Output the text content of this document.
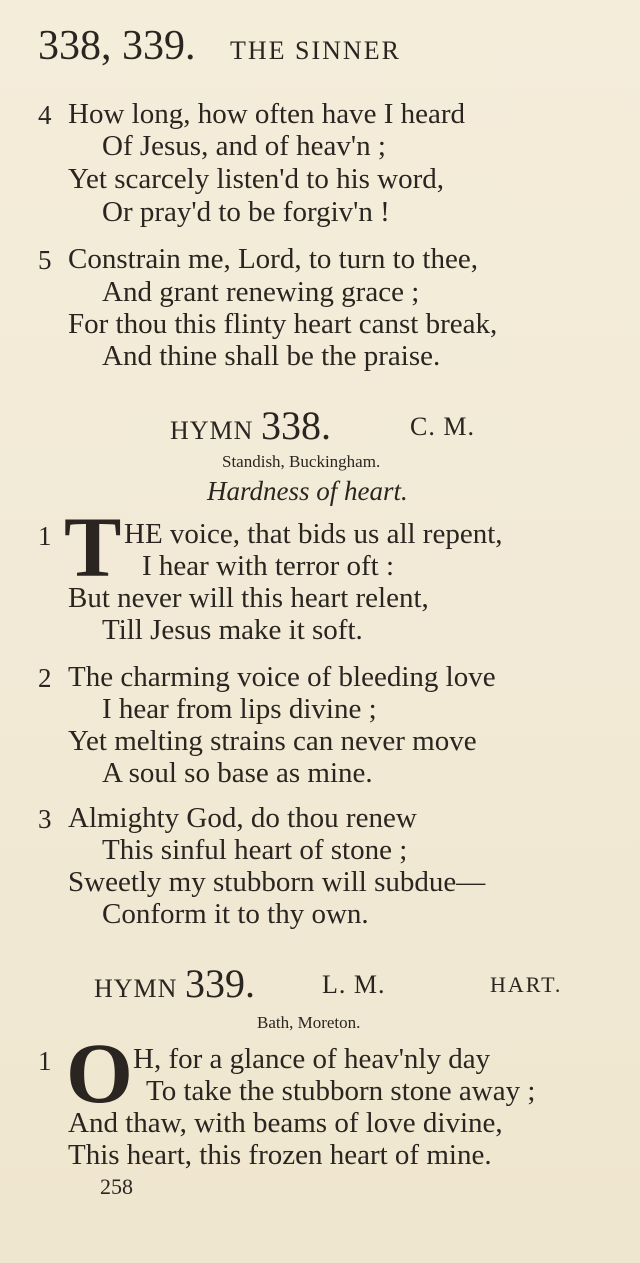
338, 339. THE SINNER
4 How long, how often have I heard
Of Jesus, and of heav'n ;
Yet scarcely listen'd to his word,
Or pray'd to be forgiv'n !
5 Constrain me, Lord, to turn to thee,
And grant renewing grace ;
For thou this flinty heart canst break,
And thine shall be the praise.
HYMN 338.	C. M.
Standish, Buckingham.
Hardness of heart.
1 T HE voice, that bids us all repent,
I hear with terror oft :
But never will this heart relent,
Till Jesus make it soft.
2 The charming voice of bleeding love
I hear from lips divine ;
Yet melting strains can never move
A soul so base as mine.
3 Almighty God, do thou renew
This sinful heart of stone ;
Sweetly my stubborn will subdue—
Conform it to thy own.
HYMN 339.	L. M.	HART.
Bath, Moreton.
1 O H, for a glance of heav'nly day
To take the stubborn stone away ;
And thaw, with beams of love divine,
This heart, this frozen heart of mine.
258
